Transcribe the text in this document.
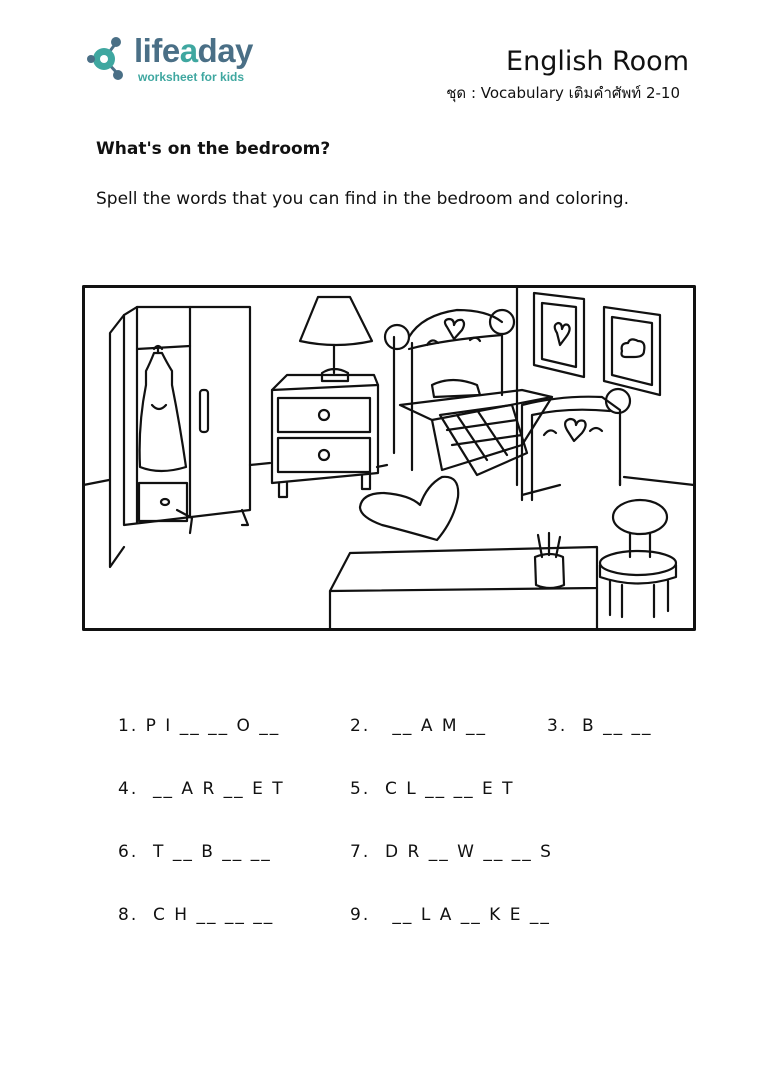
lifeaday
worksheet for kids	English Room
ชุด : Vocabulary เติมคำศัพท์ 2-10
What's on the bedroom?
Spell the words that you can find in the bedroom and coloring.
1. P I __ __ O __	2.   __ A M __	3.  B __ __
4.  __ A R __ E T	5.  C L __ __ E T
6.  T __ B __ __	7.  D R __ W __ __ S
8.  C H __ __ __	9.   __ L A __ K E __
